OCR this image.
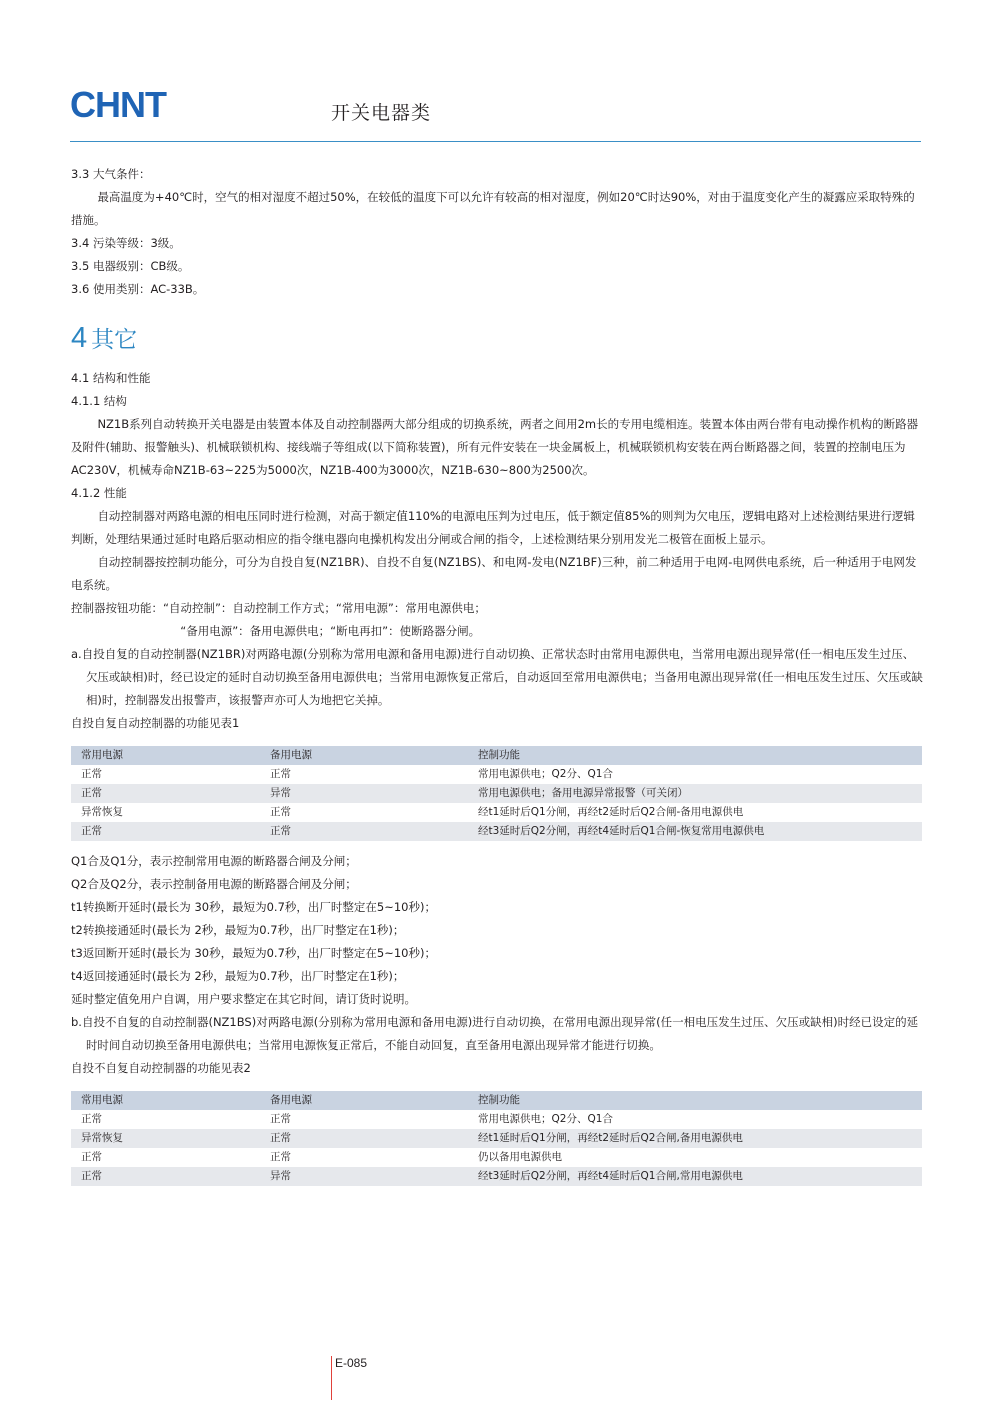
CHNT	开关电器类

3.3 大气条件：

最高温度为+40℃时，空气的相对湿度不超过50%，在较低的温度下可以允许有较高的相对湿度，例如20℃时达90%，对由于温度变化产生的凝露应采取特殊的措施。

3.4 污染等级：3级。

3.5 电器级别：CB级。

3.6 使用类别：AC-33B。

4 其它

4.1 结构和性能

4.1.1 结构

NZ1B系列自动转换开关电器是由装置本体及自动控制器两大部分组成的切换系统，两者之间用2m长的专用电缆相连。装置本体由两台带有电动操作机构的断路器及附件(辅助、报警触头)、机械联锁机构、接线端子等组成(以下简称装置)，所有元件安装在一块金属板上，机械联锁机构安装在两台断路器之间，装置的控制电压为AC230V，机械寿命NZ1B-63~225为5000次，NZ1B-400为3000次，NZ1B-630~800为2500次。

4.1.2 性能

自动控制器对两路电源的相电压同时进行检测，对高于额定值110%的电源电压判为过电压，低于额定值85%的则判为欠电压，逻辑电路对上述检测结果进行逻辑判断，处理结果通过延时电路后驱动相应的指令继电器向电操机构发出分闸或合闸的指令，上述检测结果分别用发光二极管在面板上显示。

自动控制器按控制功能分，可分为自投自复(NZ1BR)、自投不自复(NZ1BS)、和电网-发电(NZ1BF)三种，前二种适用于电网-电网供电系统，后一种适用于电网发电系统。

控制器按钮功能：“自动控制”：自动控制工作方式；“常用电源”：常用电源供电；

“备用电源”：备用电源供电；“断电再扣”：使断路器分闸。

a.自投自复的自动控制器(NZ1BR)对两路电源(分别称为常用电源和备用电源)进行自动切换、正常状态时由常用电源供电，当常用电源出现异常(任一相电压发生过压、欠压或缺相)时，经已设定的延时自动切换至备用电源供电；当常用电源恢复正常后，自动返回至常用电源供电；当备用电源出现异常(任一相电压发生过压、欠压或缺相)时，控制器发出报警声，该报警声亦可人为地把它关掉。

自投自复自动控制器的功能见表1

常用电源	备用电源	控制功能
正常	正常	常用电源供电；Q2分、Q1合
正常	异常	常用电源供电；备用电源异常报警（可关闭）
异常恢复	正常	经t1延时后Q1分闸，再经t2延时后Q2合闸-备用电源供电
正常	正常	经t3延时后Q2分闸，再经t4延时后Q1合闸-恢复常用电源供电

Q1合及Q1分，表示控制常用电源的断路器合闸及分闸；

Q2合及Q2分，表示控制备用电源的断路器合闸及分闸；

t1转换断开延时(最长为 30秒，最短为0.7秒，出厂时整定在5~10秒)；

t2转换接通延时(最长为 2秒，最短为0.7秒，出厂时整定在1秒)；

t3返回断开延时(最长为 30秒，最短为0.7秒，出厂时整定在5~10秒)；

t4返回接通延时(最长为 2秒，最短为0.7秒，出厂时整定在1秒)；

延时整定值免用户自调，用户要求整定在其它时间，请订货时说明。

b.自投不自复的自动控制器(NZ1BS)对两路电源(分别称为常用电源和备用电源)进行自动切换，在常用电源出现异常(任一相电压发生过压、欠压或缺相)时经已设定的延时时间自动切换至备用电源供电；当常用电源恢复正常后，不能自动回复，直至备用电源出现异常才能进行切换。

自投不自复自动控制器的功能见表2

常用电源	备用电源	控制功能
正常	正常	常用电源供电；Q2分、Q1合
异常恢复	正常	经t1延时后Q1分闸，再经t2延时后Q2合闸,备用电源供电
正常	正常	仍以备用电源供电
正常	异常	经t3延时后Q2分闸，再经t4延时后Q1合闸,常用电源供电
E-085
